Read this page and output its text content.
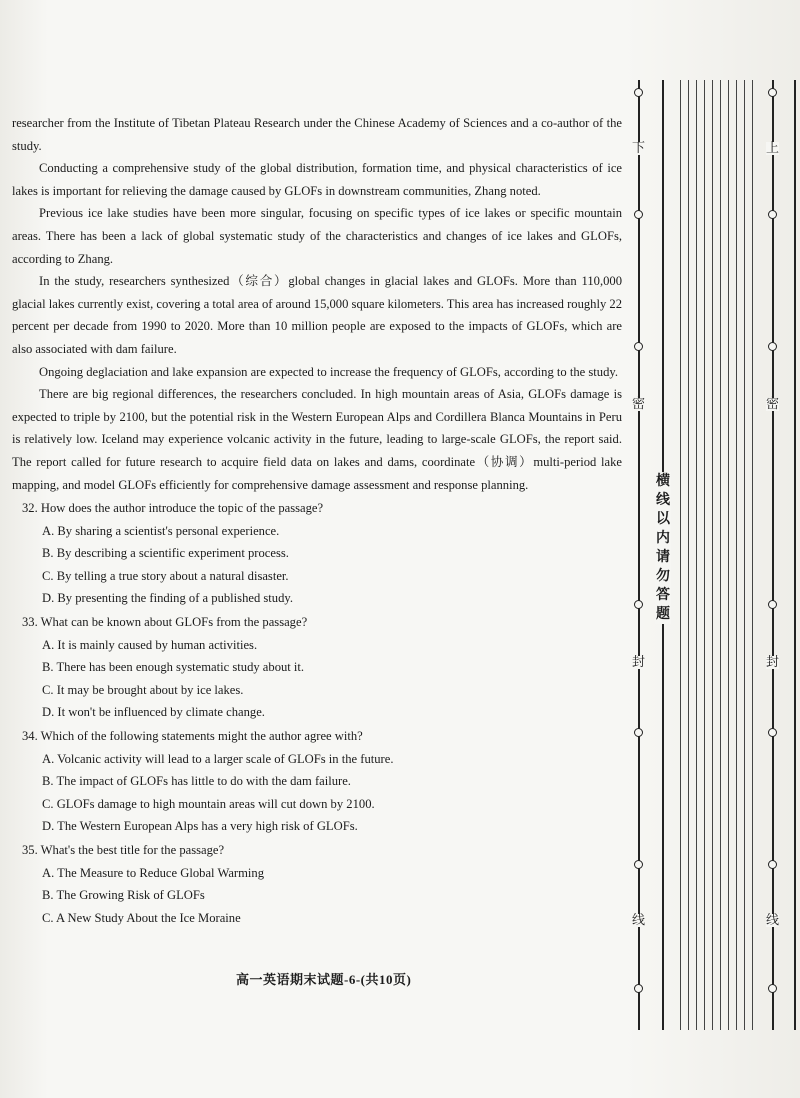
researcher from the Institute of Tibetan Plateau Research under the Chinese Academy of Sciences and a co-author of the study.

Conducting a comprehensive study of the global distribution, formation time, and physical characteristics of ice lakes is important for relieving the damage caused by GLOFs in downstream communities, Zhang noted.

Previous ice lake studies have been more singular, focusing on specific types of ice lakes or specific mountain areas. There has been a lack of global systematic study of the characteristics and changes of ice lakes and GLOFs, according to Zhang.

In the study, researchers synthesized（综合）global changes in glacial lakes and GLOFs. More than 110,000 glacial lakes currently exist, covering a total area of around 15,000 square kilometers. This area has increased roughly 22 percent per decade from 1990 to 2020. More than 10 million people are exposed to the impacts of GLOFs, which are also associated with dam failure.

Ongoing deglaciation and lake expansion are expected to increase the frequency of GLOFs, according to the study.

There are big regional differences, the researchers concluded. In high mountain areas of Asia, GLOFs damage is expected to triple by 2100, but the potential risk in the Western European Alps and Cordillera Blanca Mountains in Peru is relatively low. Iceland may experience volcanic activity in the future, leading to large-scale GLOFs, the report said. The report called for future research to acquire field data on lakes and dams, coordinate（协调）multi-period lake mapping, and model GLOFs efficiently for comprehensive damage assessment and response planning.

32. How does the author introduce the topic of the passage?

A. By sharing a scientist's personal experience.

B. By describing a scientific experiment process.

C. By telling a true story about a natural disaster.

D. By presenting the finding of a published study.

33. What can be known about GLOFs from the passage?

A. It is mainly caused by human activities.

B. There has been enough systematic study about it.

C. It may be brought about by ice lakes.

D. It won't be influenced by climate change.

34. Which of the following statements might the author agree with?

A. Volcanic activity will lead to a larger scale of GLOFs in the future.

B. The impact of GLOFs has little to do with the dam failure.

C. GLOFs damage to high mountain areas will cut down by 2100.

D. The Western European Alps has a very high risk of GLOFs.

35. What's the best title for the passage?

A. The Measure to Reduce Global Warming

B. The Growing Risk of GLOFs

C. A New Study About the Ice Moraine

高一英语期末试题-6-(共10页)
下
密
封
线
上
密
封
线
横
线
以
内
请
勿
答
题
